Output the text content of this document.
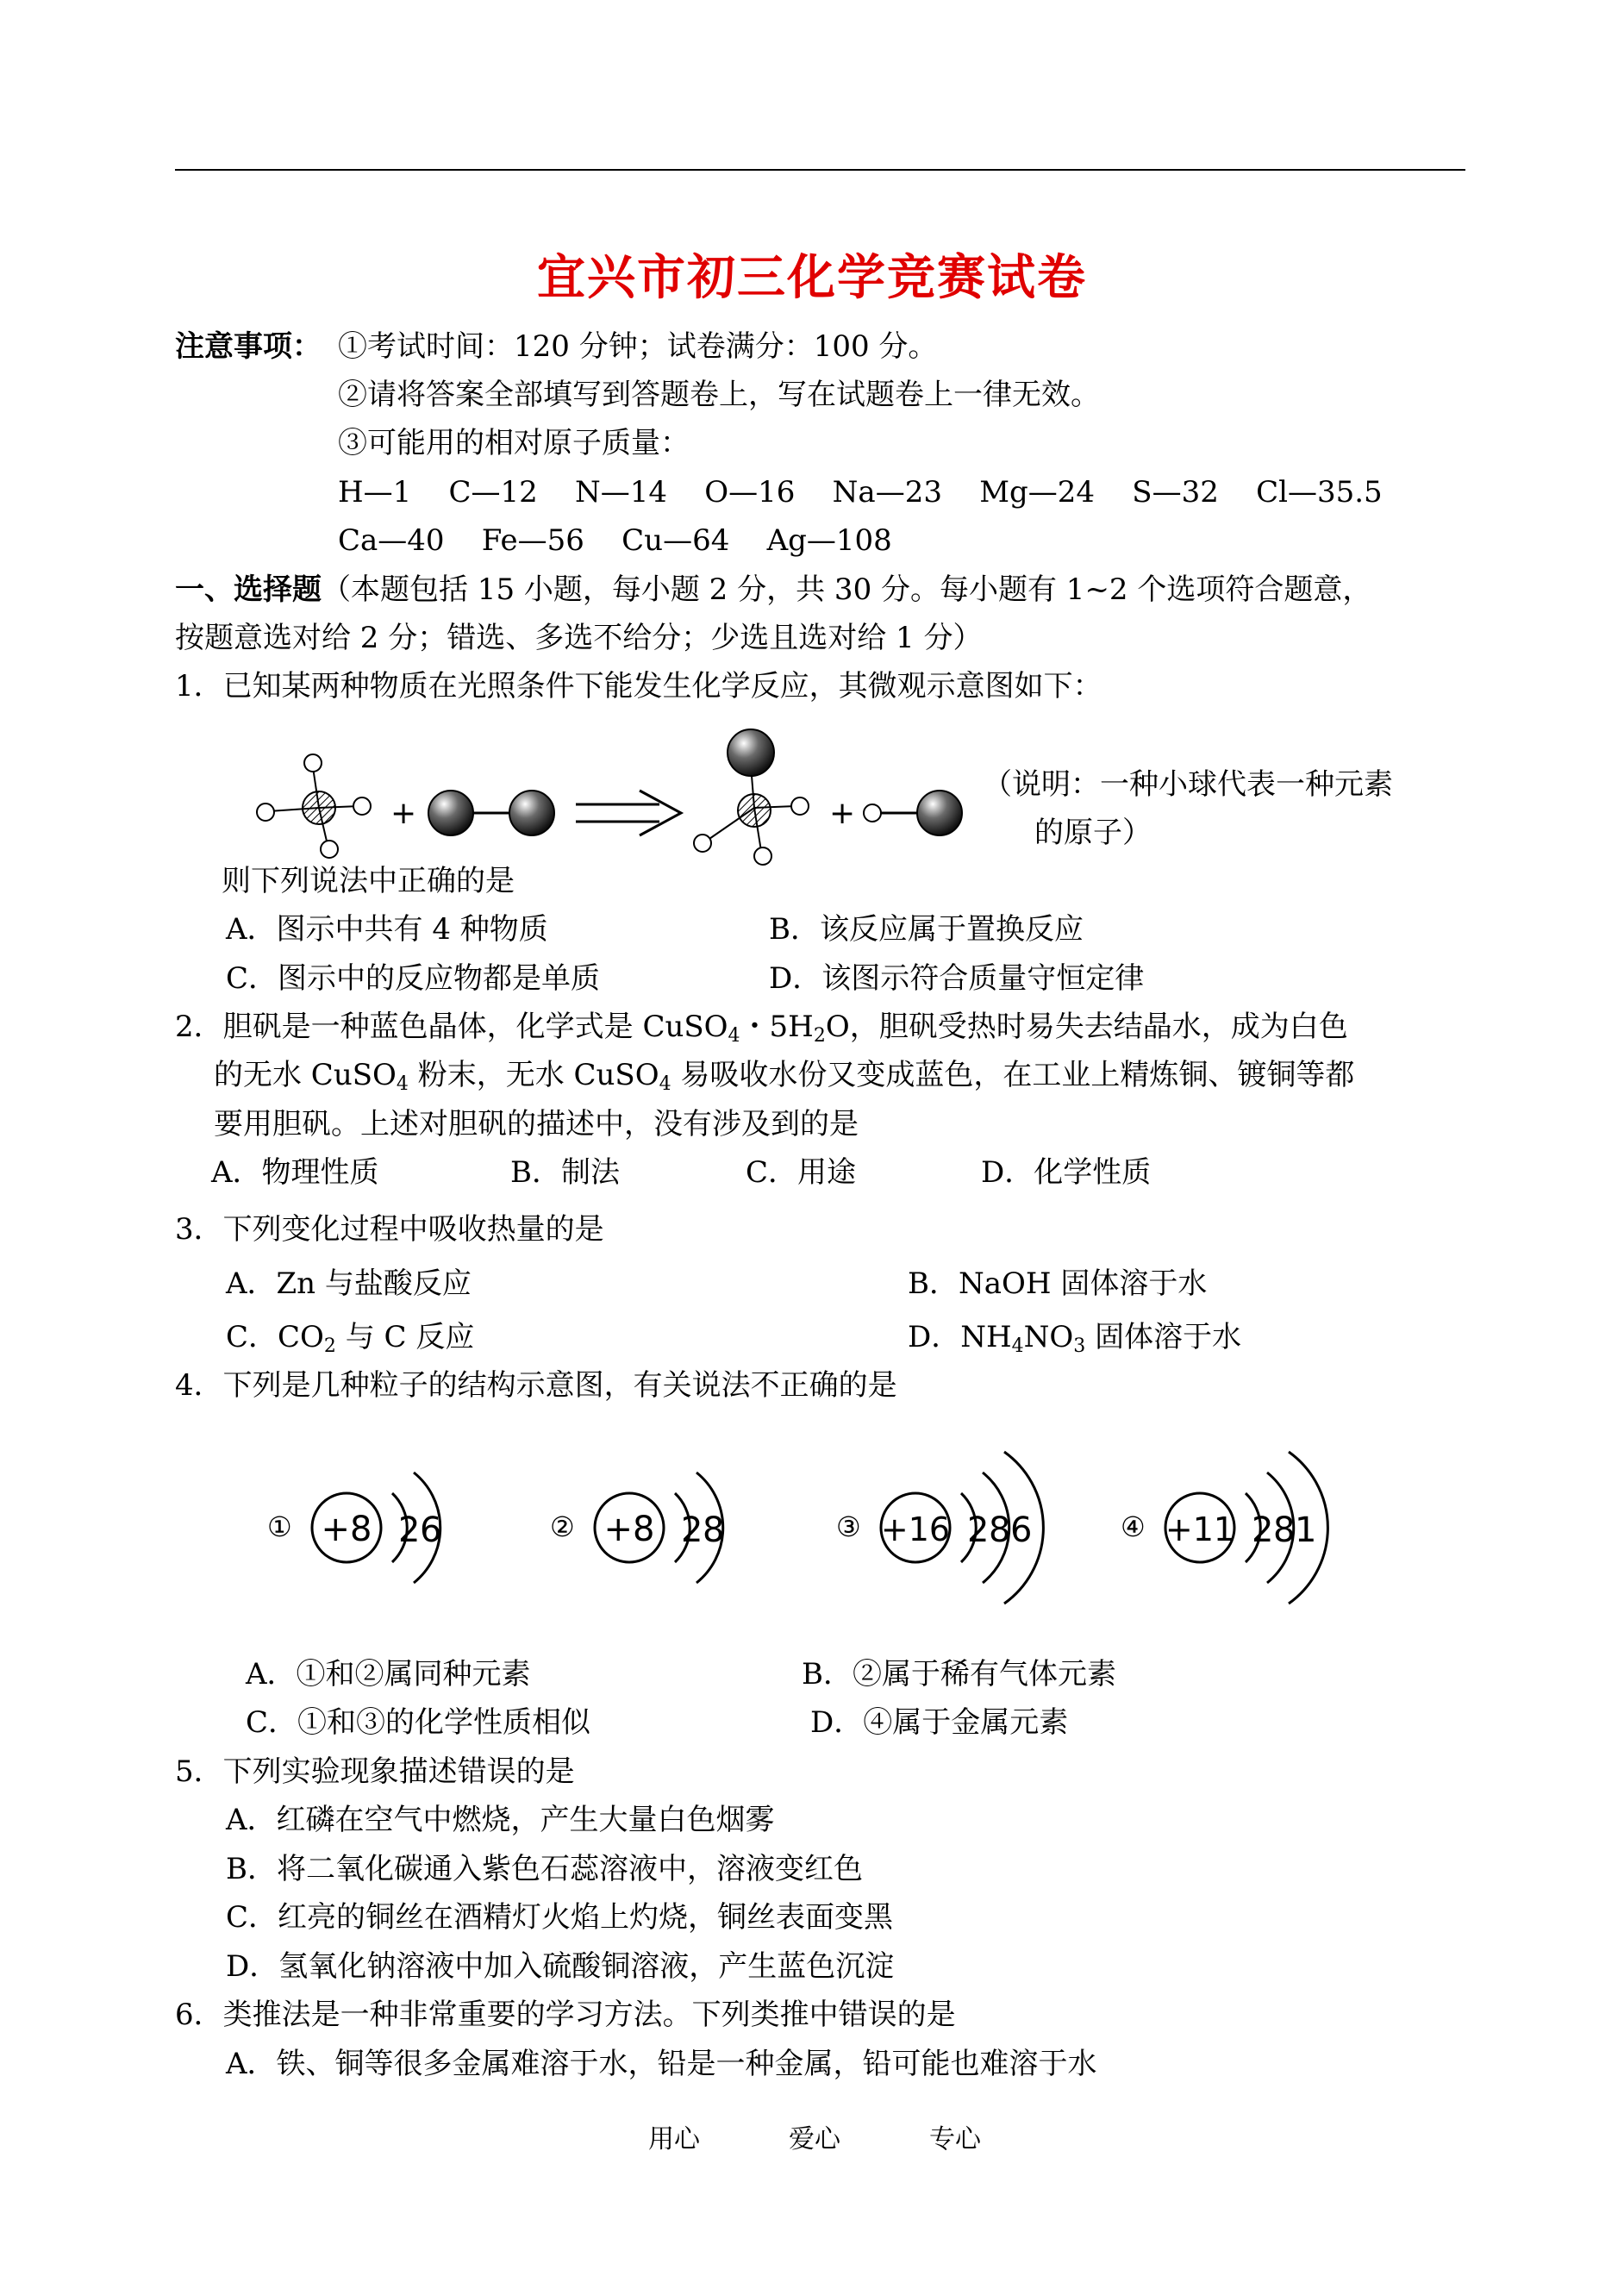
宜兴市初三化学竞赛试卷
注意事项： ①考试时间：120 分钟；试卷满分：100 分。
②请将答案全部填写到答题卷上，写在试题卷上一律无效。
③可能用的相对原子质量：
H—1 C—12 N—14 O—16 Na—23 Mg—24 S—32 Cl—35.5
Ca—40 Fe—56 Cu—64 Ag—108
一、选择题（本题包括 15 小题，每小题 2 分，共 30 分。每小题有 1~2 个选项符合题意，
按题意选对给 2 分；错选、多选不给分；少选且选对给 1 分）
1．已知某两种物质在光照条件下能发生化学反应，其微观示意图如下：
+	+
（说明：一种小球代表一种元素
的原子）
则下列说法中正确的是
A．图示中共有 4 种物质	B．该反应属于置换反应
C．图示中的反应物都是单质	D．该图示符合质量守恒定律
2．胆矾是一种蓝色晶体，化学式是 CuSO$_4$・$5H_2O$，胆矾受热时易失去结晶水，成为白色
的无水 CuSO$_4$ 粉末，无水 CuSO$_4$ 易吸收水份又变成蓝色，在工业上精炼铜、镀铜等都
要用胆矾。上述对胆矾的描述中，没有涉及到的是
A．物理性质	B．制法	C．用途	D．化学性质
3．下列变化过程中吸收热量的是
A．Zn 与盐酸反应	B．NaOH 固体溶于水
C．$CO_2$ 与 C 反应	D．$NH_4NO_3$ 固体溶于水
4．下列是几种粒子的结构示意图，有关说法不正确的是
① +8 2 6	② +8 2 8	③ +16 2 8 6	④ +11 2 8 1
A．①和②属同种元素	B．②属于稀有气体元素
C．①和③的化学性质相似	D．④属于金属元素
5．下列实验现象描述错误的是
A．红磷在空气中燃烧，产生大量白色烟雾
B．将二氧化碳通入紫色石蕊溶液中，溶液变红色
C．红亮的铜丝在酒精灯火焰上灼烧，铜丝表面变黑
D．氢氧化钠溶液中加入硫酸铜溶液，产生蓝色沉淀
6．类推法是一种非常重要的学习方法。下列类推中错误的是
A．铁、铜等很多金属难溶于水，铅是一种金属，铅可能也难溶于水
用心	爱心	专心
